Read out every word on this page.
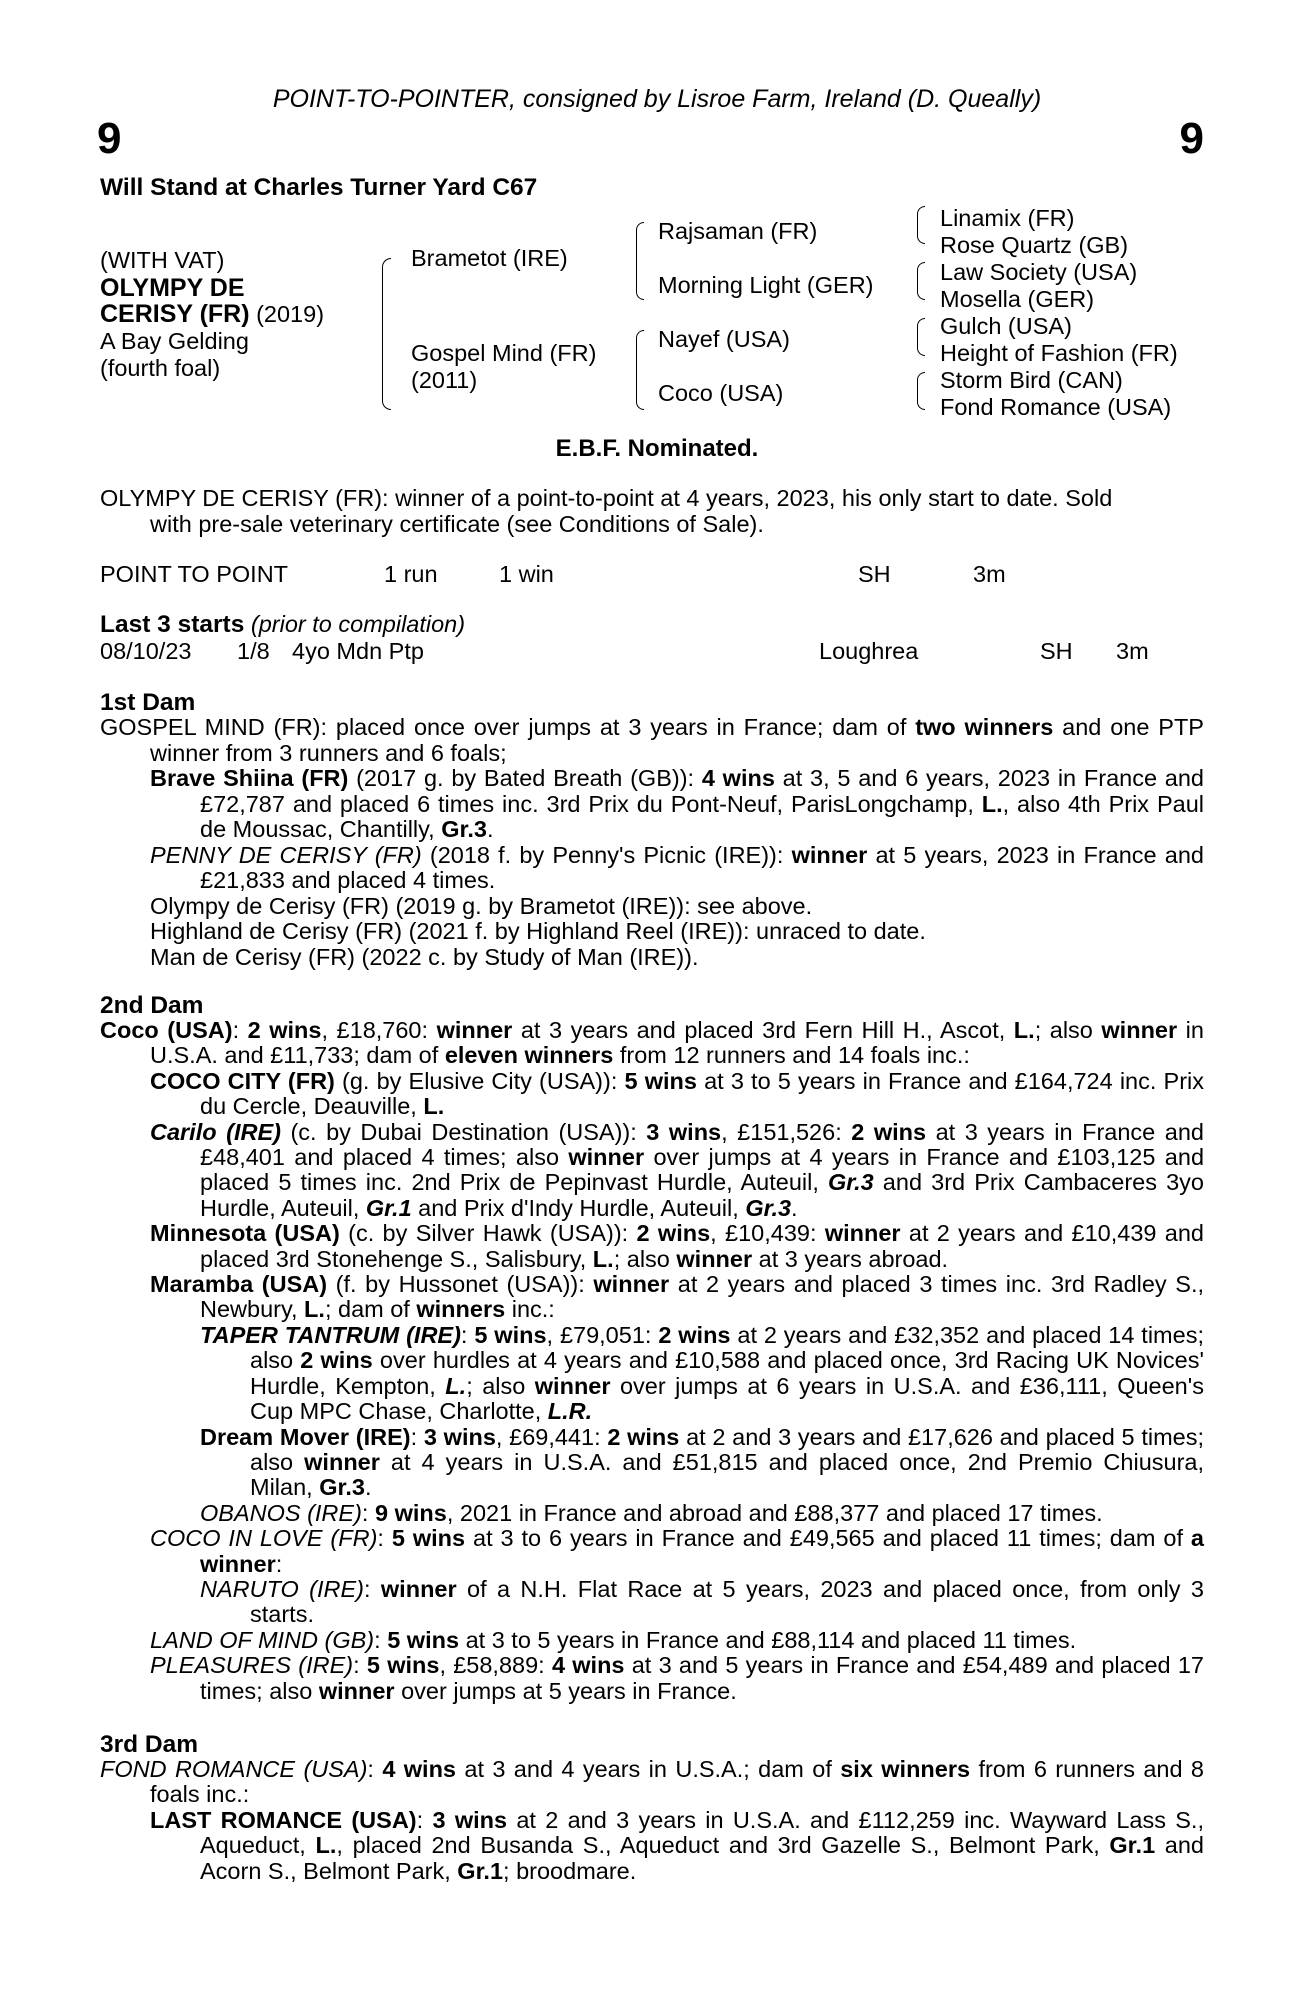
POINT-TO-POINTER, consigned by Lisroe Farm, Ireland (D. Queally)
9	9
Will Stand at Charles Turner Yard C67
(WITH VAT)
OLYMPY DE
CERISY (FR) (2019)
A Bay Gelding
(fourth foal)
Brametot (IRE)
Gospel Mind (FR)
(2011)
Rajsaman (FR)
Morning Light (GER)
Nayef (USA)
Coco (USA)
Linamix (FR)
Rose Quartz (GB)
Law Society (USA)
Mosella (GER)
Gulch (USA)
Height of Fashion (FR)
Storm Bird (CAN)
Fond Romance (USA)
E.B.F. Nominated.
OLYMPY DE CERISY (FR): winner of a point-to-point at 4 years, 2023, his only start to date. Sold
with pre-sale veterinary certificate (see Conditions of Sale).
POINT TO POINT	1 run	1 win	SH	3m
Last 3 starts (prior to compilation)
08/10/23 1/8 4yo Mdn Ptp	Loughrea	SH 3m
1st Dam

GOSPEL MIND (FR): placed once over jumps at 3 years in France; dam of two winners and one PTP winner from 3 runners and 6 foals;

Brave Shiina (FR) (2017 g. by Bated Breath (GB)): 4 wins at 3, 5 and 6 years, 2023 in France and £72,787 and placed 6 times inc. 3rd Prix du Pont-Neuf, ParisLongchamp, L., also 4th Prix Paul de Moussac, Chantilly, Gr.3.

PENNY DE CERISY (FR) (2018 f. by Penny's Picnic (IRE)): winner at 5 years, 2023 in France and £21,833 and placed 4 times.

Olympy de Cerisy (FR) (2019 g. by Brametot (IRE)): see above.

Highland de Cerisy (FR) (2021 f. by Highland Reel (IRE)): unraced to date.

Man de Cerisy (FR) (2022 c. by Study of Man (IRE)).

2nd Dam

Coco (USA): 2 wins, £18,760: winner at 3 years and placed 3rd Fern Hill H., Ascot, L.; also winner in U.S.A. and £11,733; dam of eleven winners from 12 runners and 14 foals inc.:

COCO CITY (FR) (g. by Elusive City (USA)): 5 wins at 3 to 5 years in France and £164,724 inc. Prix du Cercle, Deauville, L.

Carilo (IRE) (c. by Dubai Destination (USA)): 3 wins, £151,526: 2 wins at 3 years in France and £48,401 and placed 4 times; also winner over jumps at 4 years in France and £103,125 and placed 5 times inc. 2nd Prix de Pepinvast Hurdle, Auteuil, Gr.3 and 3rd Prix Cambaceres 3yo Hurdle, Auteuil, Gr.1 and Prix d'Indy Hurdle, Auteuil, Gr.3.

Minnesota (USA) (c. by Silver Hawk (USA)): 2 wins, £10,439: winner at 2 years and £10,439 and placed 3rd Stonehenge S., Salisbury, L.; also winner at 3 years abroad.

Maramba (USA) (f. by Hussonet (USA)): winner at 2 years and placed 3 times inc. 3rd Radley S., Newbury, L.; dam of winners inc.:

TAPER TANTRUM (IRE): 5 wins, £79,051: 2 wins at 2 years and £32,352 and placed 14 times; also 2 wins over hurdles at 4 years and £10,588 and placed once, 3rd Racing UK Novices' Hurdle, Kempton, L.; also winner over jumps at 6 years in U.S.A. and £36,111, Queen's Cup MPC Chase, Charlotte, L.R.

Dream Mover (IRE): 3 wins, £69,441: 2 wins at 2 and 3 years and £17,626 and placed 5 times; also winner at 4 years in U.S.A. and £51,815 and placed once, 2nd Premio Chiusura, Milan, Gr.3.

OBANOS (IRE): 9 wins, 2021 in France and abroad and £88,377 and placed 17 times.

COCO IN LOVE (FR): 5 wins at 3 to 6 years in France and £49,565 and placed 11 times; dam of a winner:

NARUTO (IRE): winner of a N.H. Flat Race at 5 years, 2023 and placed once, from only 3 starts.

LAND OF MIND (GB): 5 wins at 3 to 5 years in France and £88,114 and placed 11 times.

PLEASURES (IRE): 5 wins, £58,889: 4 wins at 3 and 5 years in France and £54,489 and placed 17 times; also winner over jumps at 5 years in France.

3rd Dam

FOND ROMANCE (USA): 4 wins at 3 and 4 years in U.S.A.; dam of six winners from 6 runners and 8 foals inc.:

LAST ROMANCE (USA): 3 wins at 2 and 3 years in U.S.A. and £112,259 inc. Wayward Lass S., Aqueduct, L., placed 2nd Busanda S., Aqueduct and 3rd Gazelle S., Belmont Park, Gr.1 and Acorn S., Belmont Park, Gr.1; broodmare.
